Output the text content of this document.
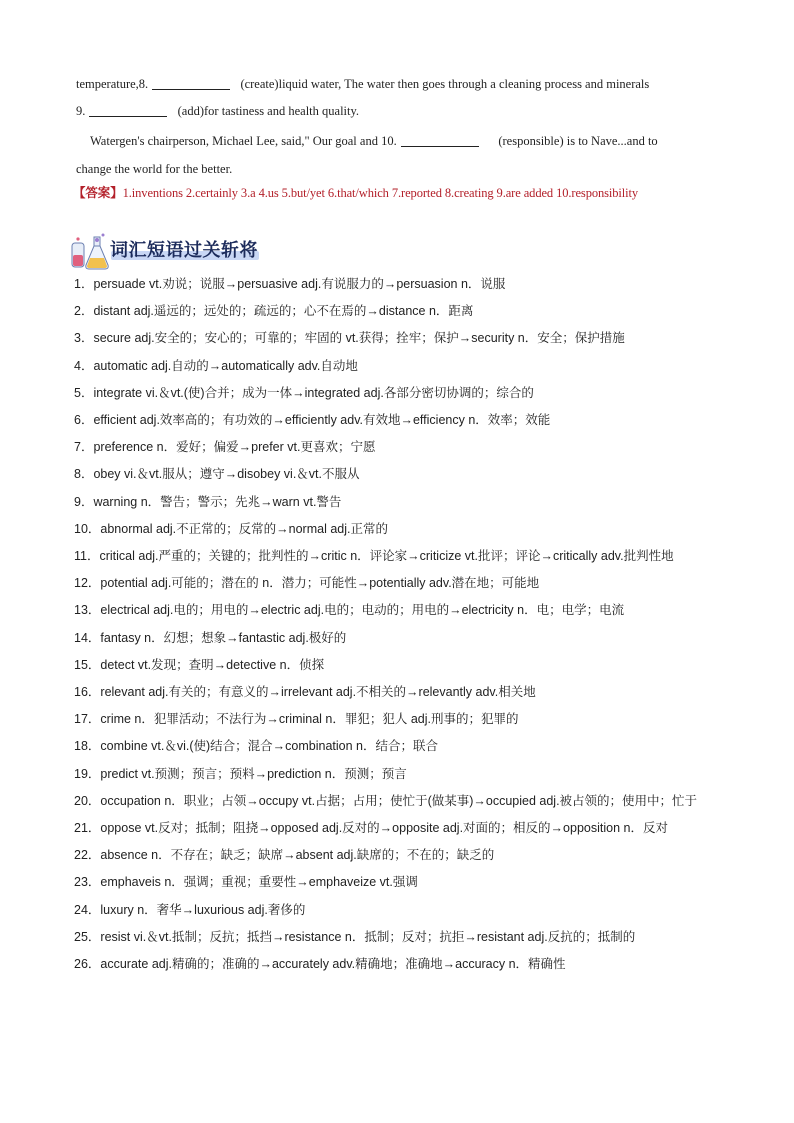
temperature,8.	(create)liquid water, The water then goes through a cleaning process and minerals
9.	(add)for tastiness and health quality.
Watergen's chairperson, Michael Lee, said," Our goal and 10.	(responsible) is to Nave...and to
change the world for the better.
【答案】1.inventions 2.certainly 3.a 4.us 5.but/yet 6.that/which 7.reported 8.creating 9.are added 10.responsibility
词汇短语过关斩将
1．persuade vt.劝说；说服→persuasive adj.有说服力的→persuasion n．说服
2．distant adj.遥远的；远处的；疏远的；心不在焉的→distance n．距离
3．secure adj.安全的；安心的；可靠的；牢固的 vt.获得；拴牢；保护→security n．安全；保护措施
4．automatic adj.自动的→automatically adv.自动地
5．integrate vi.＆vt.(使)合并；成为一体→integrated adj.各部分密切协调的；综合的
6．efficient adj.效率高的；有功效的→efficiently adv.有效地→efficiency n．效率；效能
7．preference n．爱好；偏爱→prefer vt.更喜欢；宁愿
8．obey vi.＆vt.服从；遵守→disobey vi.＆vt.不服从
9．warning n．警告；警示；先兆→warn vt.警告
10．abnormal adj.不正常的；反常的→normal adj.正常的
11．critical adj.严重的；关键的；批判性的→critic n．评论家→criticize vt.批评；评论→critically adv.批判性地
12．potential adj.可能的；潜在的 n．潜力；可能性→potentially adv.潜在地；可能地
13．electrical adj.电的；用电的→electric adj.电的；电动的；用电的→electricity n．电；电学；电流
14．fantasy n．幻想；想象→fantastic adj.极好的
15．detect vt.发现；查明→detective n．侦探
16．relevant adj.有关的；有意义的→irrelevant adj.不相关的→relevantly adv.相关地
17．crime n．犯罪活动；不法行为→criminal n．罪犯；犯人 adj.刑事的；犯罪的
18．combine vt.＆vi.(使)结合；混合→combination n．结合；联合
19．predict vt.预测；预言；预料→prediction n．预测；预言
20．occupation n．职业；占领→occupy vt.占据；占用；使忙于(做某事)→occupied adj.被占领的；使用中；忙于
21．oppose vt.反对；抵制；阻挠→opposed adj.反对的→opposite adj.对面的；相反的→opposition n．反对
22．absence n．不存在；缺乏；缺席→absent adj.缺席的；不在的；缺乏的
23．emphaveis n．强调；重视；重要性→emphaveize vt.强调
24．luxury n．奢华→luxurious adj.奢侈的
25．resist vi.＆vt.抵制；反抗；抵挡→resistance n．抵制；反对；抗拒→resistant adj.反抗的；抵制的
26．accurate adj.精确的；准确的→accurately adv.精确地；准确地→accuracy n．精确性
